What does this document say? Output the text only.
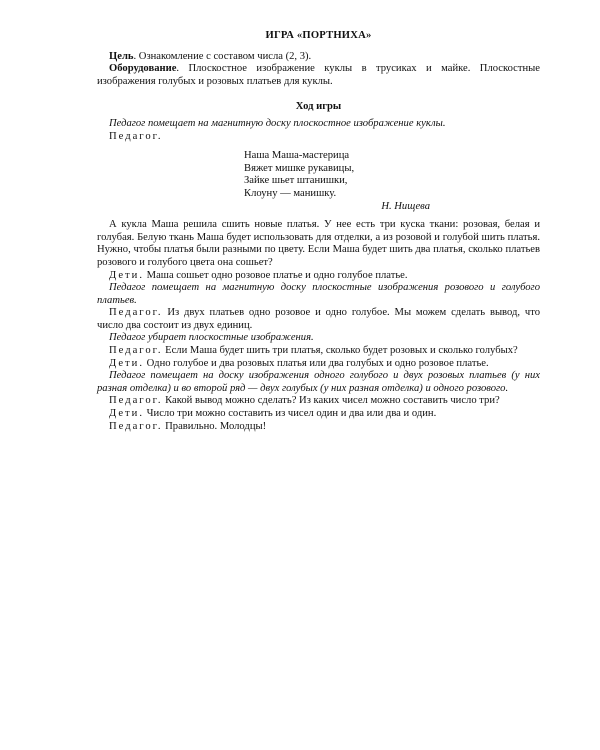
ИГРА «ПОРТНИХА»

Цель. Ознакомление с составом числа (2, 3).

Оборудование. Плоскостное изображение куклы в трусиках и майке. Плоскостные изображения голубых и розовых платьев для куклы.

Ход игры

Педагог помещает на магнитную доску плоскостное изображение куклы.

Педагог.

Наша Маша-мастерица
Вяжет мишке рукавицы,
Зайке шьет штанишки,
Клоуну — манишку.
Н. Нищева

А кукла Маша решила сшить новые платья. У нее есть три куска ткани: розовая, белая и голубая. Белую ткань Маша будет использовать для отделки, а из розовой и голубой шить платья. Нужно, чтобы платья были разными по цвету. Если Маша будет шить два платья, сколько платьев розового и голубого цвета она сошьет?

Дети. Маша сошьет одно розовое платье и одно голубое платье.

Педагог помещает на магнитную доску плоскостные изображения розового и голубого платьев.

Педагог. Из двух платьев одно розовое и одно голубое. Мы можем сделать вывод, что число два состоит из двух единиц.

Педагог убирает плоскостные изображения.

Педагог. Если Маша будет шить три платья, сколько будет розовых и сколько голубых?

Дети. Одно голубое и два розовых платья или два голубых и одно розовое платье.

Педагог помещает на доску изображения одного голубого и двух розовых платьев (у них разная отделка) и во второй ряд — двух голубых (у них разная отделка) и одного розового.

Педагог. Какой вывод можно сделать? Из каких чисел можно составить число три?

Дети. Число три можно составить из чисел один и два или два и один.

Педагог. Правильно. Молодцы!
